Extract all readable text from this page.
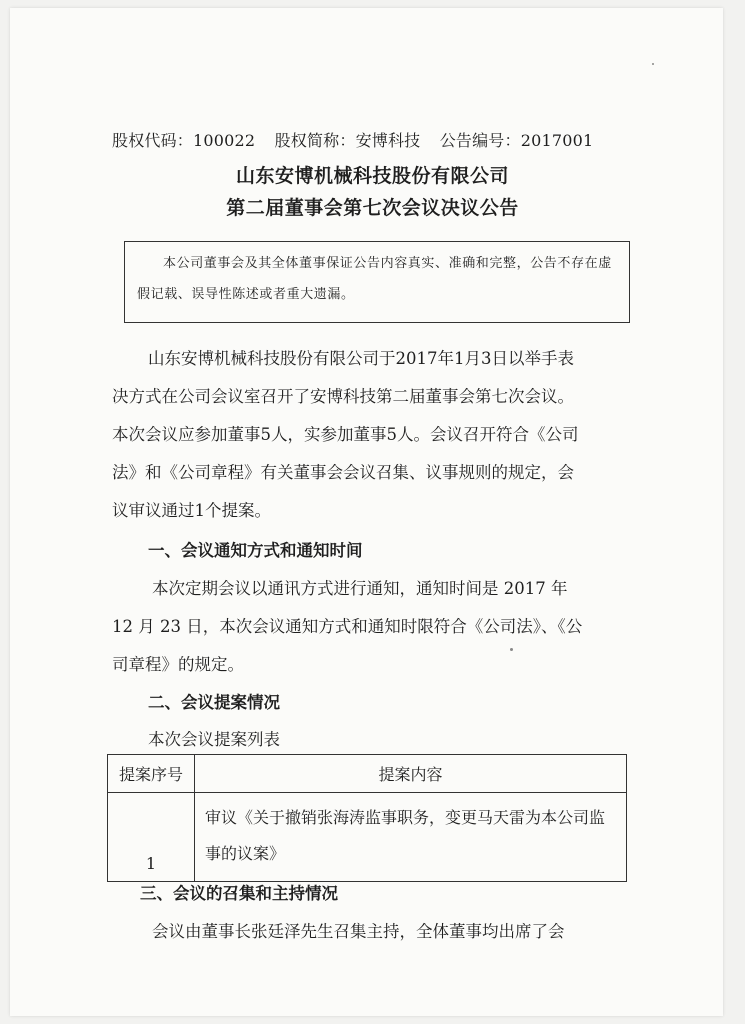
股权代码：100022 股权简称：安博科技 公告编号：2017001
山东安博机械科技股份有限公司
第二届董事会第七次会议决议公告
本公司董事会及其全体董事保证公告内容真实、准确和完整，公告不存在虚假记载、误导性陈述或者重大遗漏。
山东安博机械科技股份有限公司于2017年1月3日以举手表
决方式在公司会议室召开了安博科技第二届董事会第七次会议。
本次会议应参加董事5人，实参加董事5人。会议召开符合《公司
法》和《公司章程》有关董事会会议召集、议事规则的规定，会
议审议通过1个提案。
一、会议通知方式和通知时间
本次定期会议以通讯方式进行通知，通知时间是 2017 年
12 月 23 日，本次会议通知方式和通知时限符合《公司法》、《公
司章程》的规定。
二、会议提案情况
本次会议提案列表
提案序号	提案内容
1	审议《关于撤销张海涛监事职务，变更马天雷为本公司监事的议案》
三、会议的召集和主持情况
会议由董事长张廷泽先生召集主持，全体董事均出席了会
